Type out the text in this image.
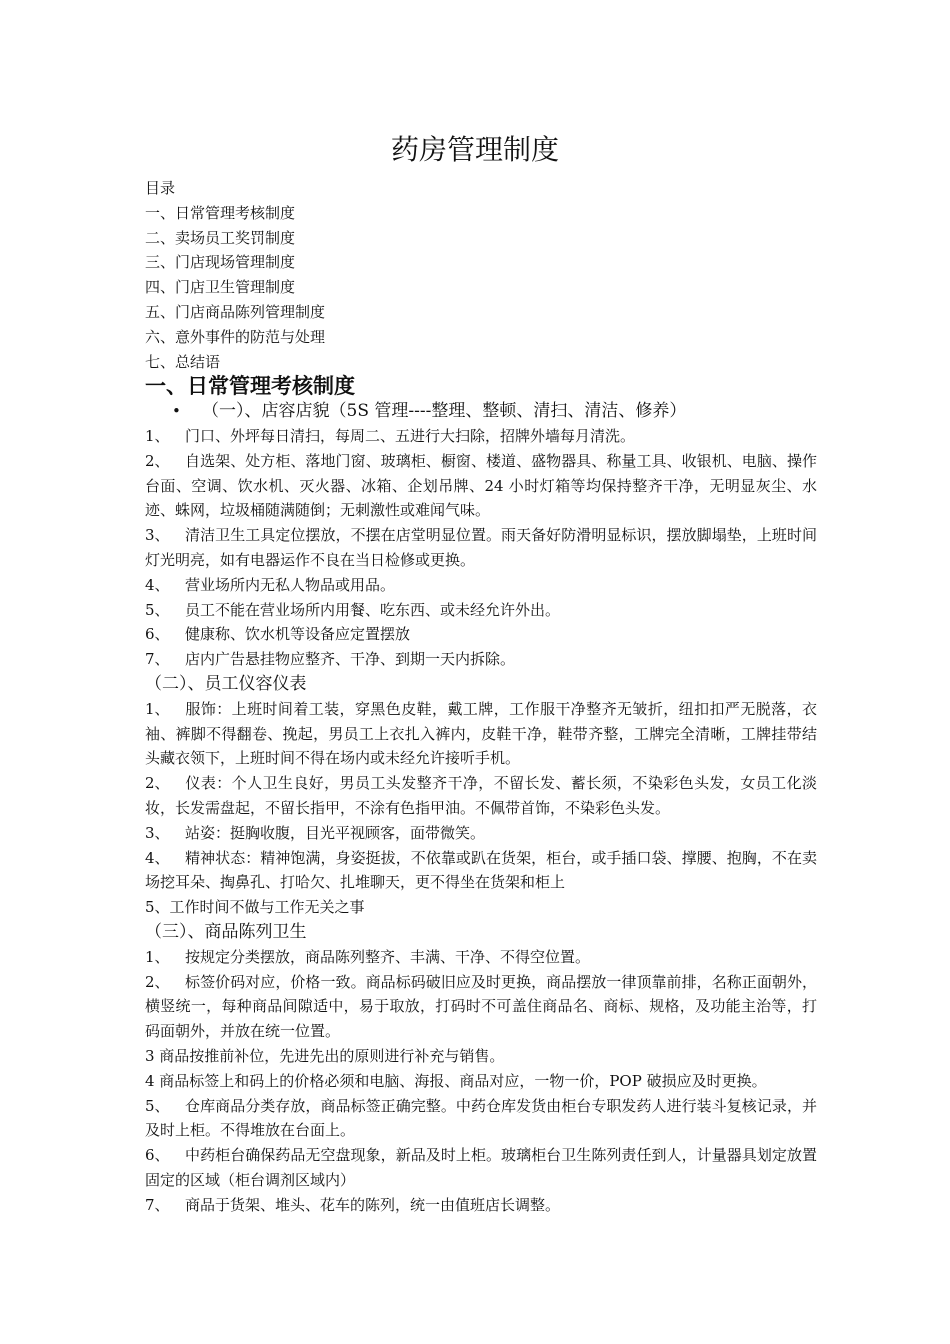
药房管理制度
目录
一、日常管理考核制度
二、卖场员工奖罚制度
三、门店现场管理制度
四、门店卫生管理制度
五、门店商品陈列管理制度
六、意外事件的防范与处理
七、总结语
一、日常管理考核制度
• （一）、店容店貌（5S 管理----整理、整顿、清扫、清洁、修养）
1、 门口、外坪每日清扫，每周二、五进行大扫除，招牌外墙每月清洗。
2、 自选架、处方柜、落地门窗、玻璃柜、橱窗、楼道、盛物器具、称量工具、收银机、电脑、操作台面、空调、饮水机、灭火器、冰箱、企划吊牌、24 小时灯箱等均保持整齐干净，无明显灰尘、水迹、蛛网，垃圾桶随满随倒；无刺激性或难闻气味。
3、 清洁卫生工具定位摆放，不摆在店堂明显位置。雨天备好防滑明显标识，摆放脚塌垫，上班时间灯光明亮，如有电器运作不良在当日检修或更换。
4、 营业场所内无私人物品或用品。
5、 员工不能在营业场所内用餐、吃东西、或未经允许外出。
6、 健康称、饮水机等设备应定置摆放
7、 店内广告悬挂物应整齐、干净、到期一天内拆除。
（二）、员工仪容仪表
1、 服饰：上班时间着工装，穿黑色皮鞋，戴工牌，工作服干净整齐无皱折，纽扣扣严无脱落，衣袖、裤脚不得翻卷、挽起，男员工上衣扎入裤内，皮鞋干净，鞋带齐整，工牌完全清晰，工牌挂带结头藏衣领下，上班时间不得在场内或未经允许接听手机。
2、 仪表：个人卫生良好，男员工头发整齐干净，不留长发、蓄长须，不染彩色头发，女员工化淡妆，长发需盘起，不留长指甲，不涂有色指甲油。不佩带首饰，不染彩色头发。
3、 站姿：挺胸收腹，目光平视顾客，面带微笑。
4、 精神状态：精神饱满，身姿挺拔，不依靠或趴在货架，柜台，或手插口袋、撑腰、抱胸，不在卖场挖耳朵、掏鼻孔、打哈欠、扎堆聊天，更不得坐在货架和柜上
5、工作时间不做与工作无关之事
（三）、商品陈列卫生
1、 按规定分类摆放，商品陈列整齐、丰满、干净、不得空位置。
2、 标签价码对应，价格一致。商品标码破旧应及时更换，商品摆放一律顶靠前排，名称正面朝外，横竖统一，每种商品间隙适中，易于取放，打码时不可盖住商品名、商标、规格，及功能主治等，打码面朝外，并放在统一位置。
3 商品按推前补位，先进先出的原则进行补充与销售。
4 商品标签上和码上的价格必须和电脑、海报、商品对应，一物一价，POP 破损应及时更换。
5、 仓库商品分类存放，商品标签正确完整。中药仓库发货由柜台专职发药人进行装斗复核记录，并及时上柜。不得堆放在台面上。
6、 中药柜台确保药品无空盘现象，新品及时上柜。玻璃柜台卫生陈列责任到人，计量器具划定放置固定的区域（柜台调剂区域内）
7、 商品于货架、堆头、花车的陈列，统一由值班店长调整。
